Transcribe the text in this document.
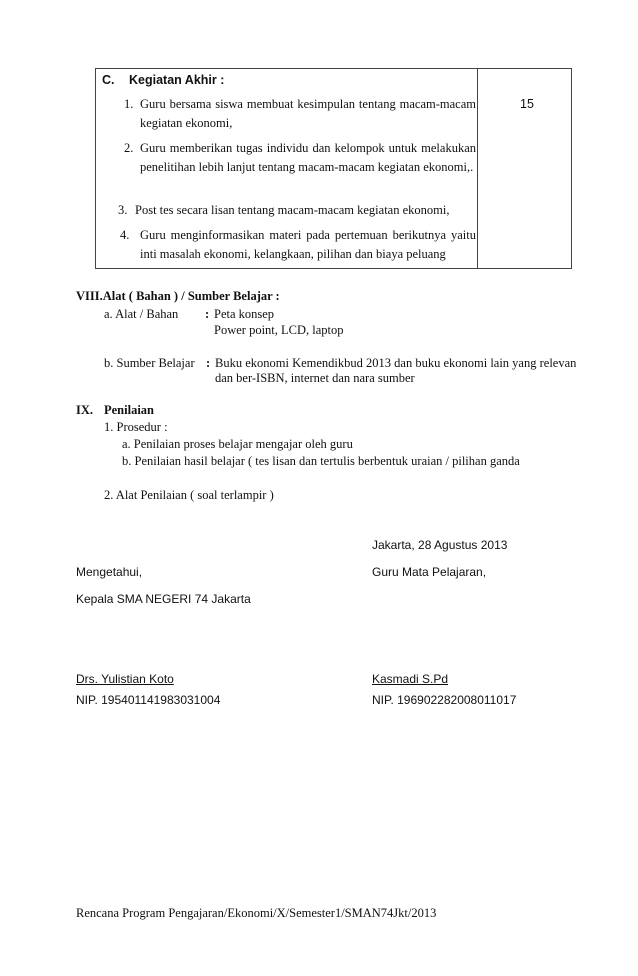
C. Kegiatan Akhir :
15
1. Guru bersama siswa membuat kesimpulan tentang macam-macam kegiatan ekonomi,
2. Guru memberikan tugas individu dan kelompok untuk melakukan penelitihan lebih lanjut tentang macam-macam kegiatan ekonomi,.
3. Post tes secara lisan tentang macam-macam kegiatan ekonomi,
4. Guru menginformasikan materi pada pertemuan berikutnya yaitu inti masalah ekonomi, kelangkaan, pilihan dan biaya peluang
VIII.Alat ( Bahan ) / Sumber Belajar :
a. Alat / Bahan : Peta konsep
Power point, LCD, laptop
b. Sumber Belajar : Buku ekonomi Kemendikbud 2013 dan buku ekonomi lain yang relevan
dan ber-ISBN, internet dan nara sumber
IX. Penilaian
1. Prosedur :
a. Penilaian proses belajar mengajar oleh guru
b. Penilaian hasil belajar ( tes lisan dan tertulis berbentuk uraian / pilihan ganda
2. Alat Penilaian ( soal terlampir )
Jakarta, 28 Agustus 2013
Mengetahui,	Guru Mata Pelajaran,
Kepala SMA NEGERI 74 Jakarta
Drs. Yulistian Koto
NIP. 195401141983031004
Kasmadi S.Pd
NIP. 196902282008011017
Rencana Program Pengajaran/Ekonomi/X/Semester1/SMAN74Jkt/2013
